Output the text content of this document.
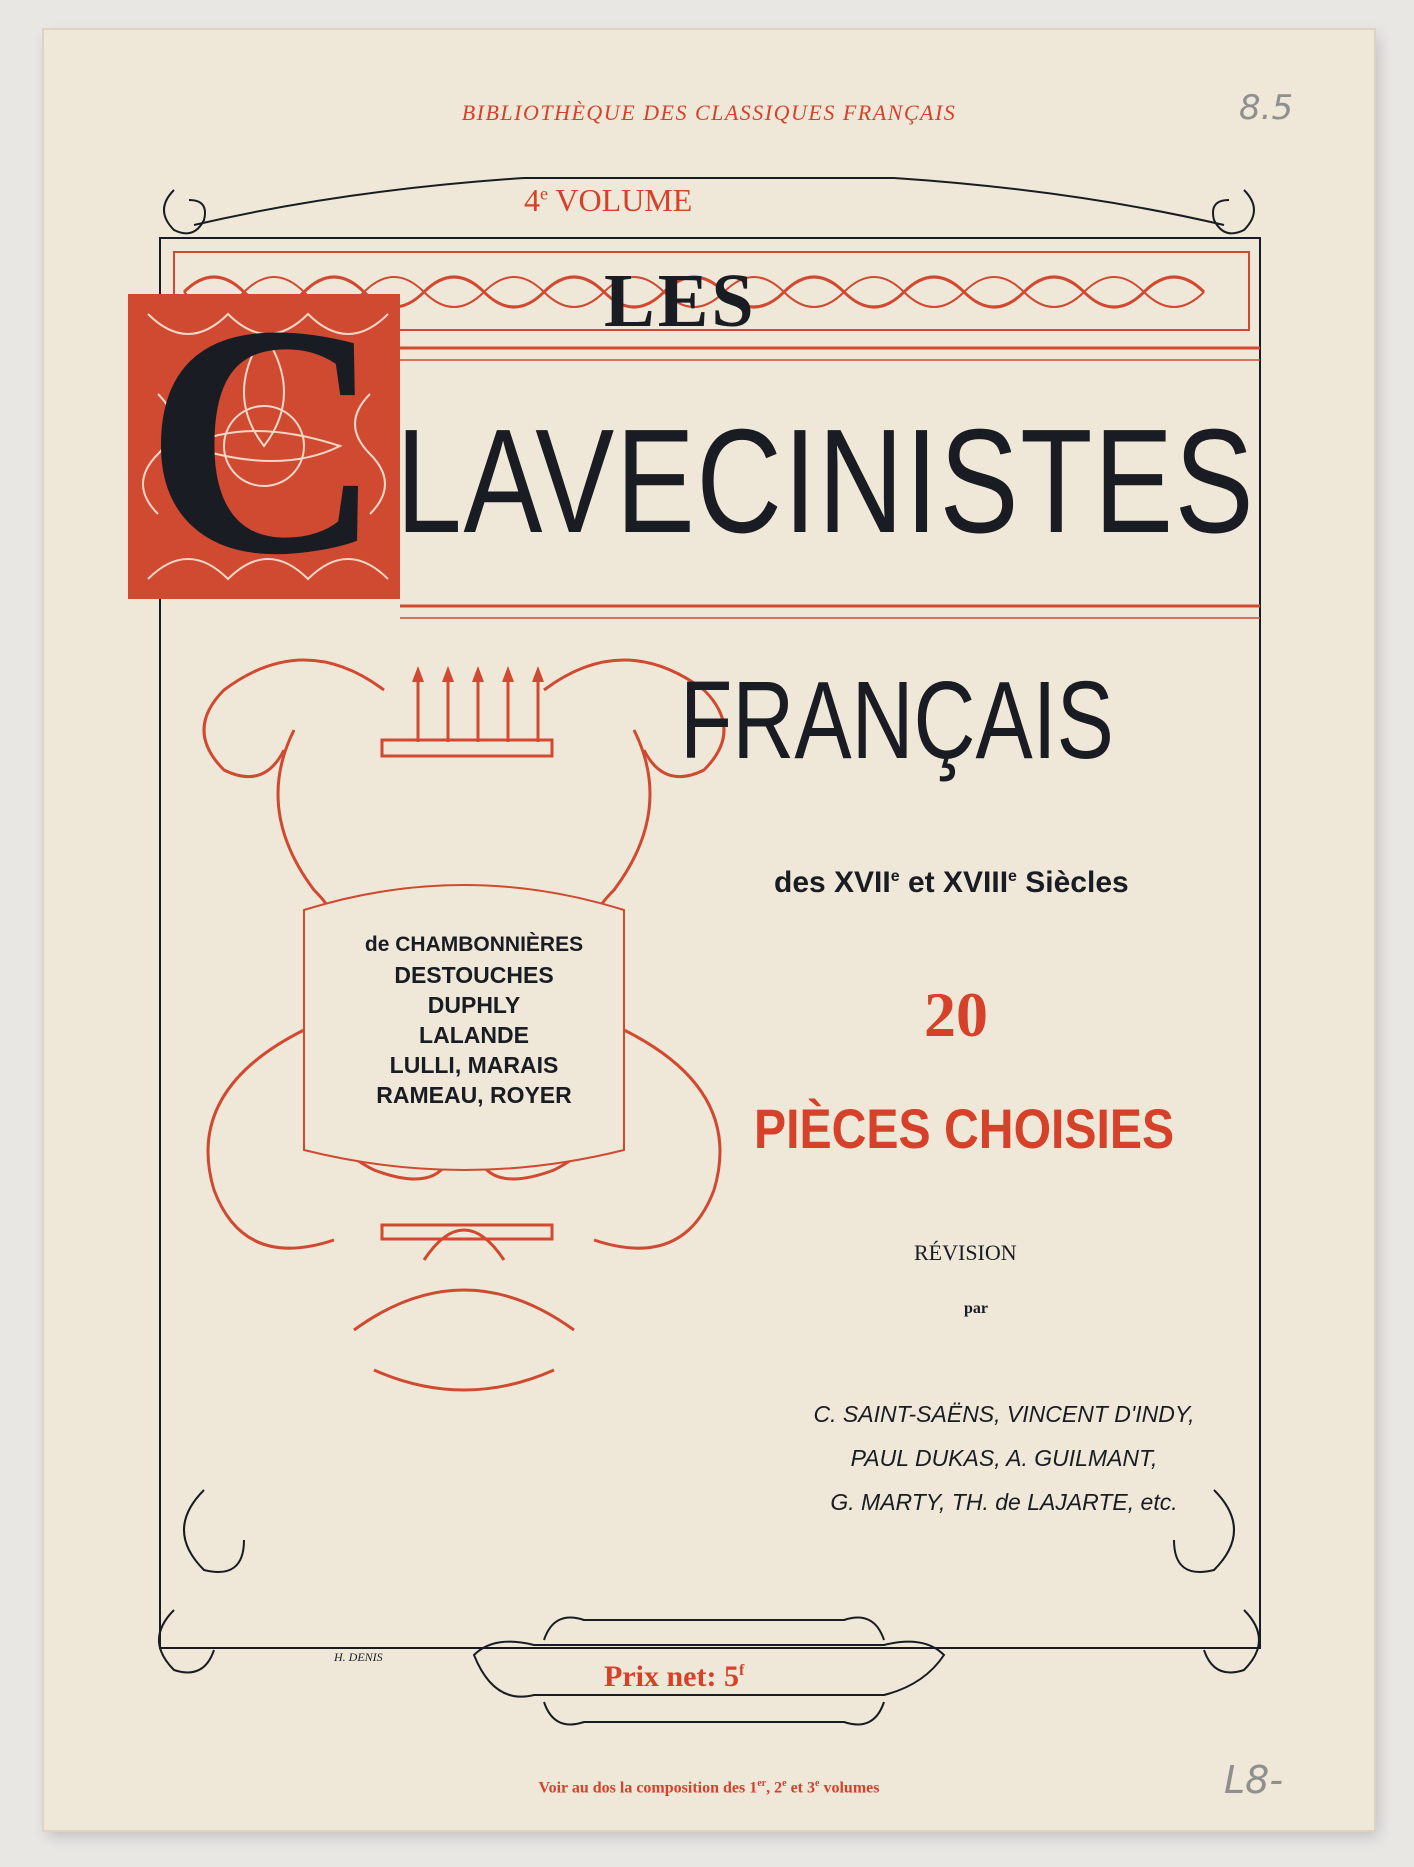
BIBLIOTHÈQUE DES CLASSIQUES FRANÇAIS
4e VOLUME
LES
C LAVECINISTES
FRANÇAIS
des XVIIe et XVIIIe Siècles
20
PIÈCES CHOISIES
RÉVISION
par
C. SAINT-SAËNS, VINCENT D'INDY,
PAUL DUKAS, A. GUILMANT,
G. MARTY, TH. de LAJARTE, etc.
de CHAMBONNIÈRES
DESTOUCHES
DUPHLY
LALANDE
LULLI, MARAIS
RAMEAU, ROYER
H. DENIS
Prix net: 5$^f$
Voir au dos la composition des 1er, 2e et 3e volumes
8.5
L8-
